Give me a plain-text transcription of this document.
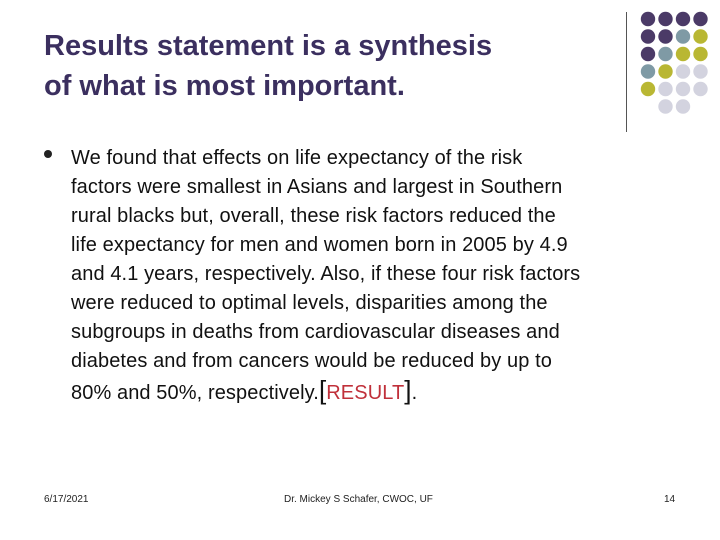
Results statement is a synthesis
of what is most important.
We found that effects on life expectancy of the risk
factors were smallest in Asians and largest in Southern
rural blacks but, overall, these risk factors reduced the
life expectancy for men and women born in 2005 by 4.9
and 4.1 years, respectively. Also, if these four risk factors
were reduced to optimal levels, disparities among the
subgroups in deaths from cardiovascular diseases and
diabetes and from cancers would be reduced by up to
80% and 50%, respectively.[RESULT].
6/17/2021	Dr. Mickey S Schafer, CWOC, UF	14
